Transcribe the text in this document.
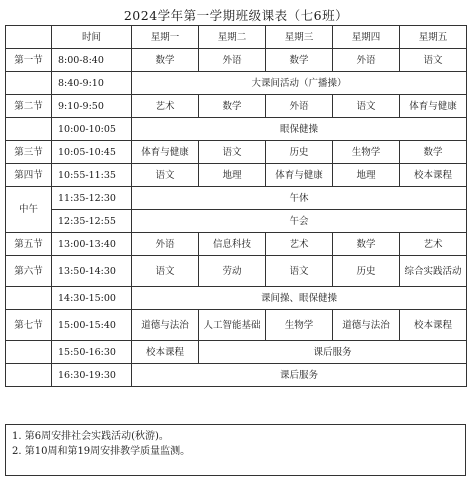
2024学年第一学期班级课表（七6班）
	时间	星期一	星期二	星期三	星期四	星期五
第一节	8:00-8:40	数学	外语	数学	外语	语文
	8:40-9:10	大课间活动（广播操）				
第二节	9:10-9:50	艺术	数学	外语	语文	体育与健康
	10:00-10:05	眼保健操				
第三节	10:05-10:45	体育与健康	语文	历史	生物学	数学
第四节	10:55-11:35	语文	地理	体育与健康	地理	校本课程
中午	11:35-12:30	午休				
	12:35-12:55	午会				
第五节	13:00-13:40	外语	信息科技	艺术	数学	艺术
第六节	13:50-14:30	语文	劳动	语文	历史	综合实践活动
	14:30-15:00	课间操、眼保健操				
第七节	15:00-15:40	道德与法治	人工智能基础	生物学	道德与法治	校本课程
	15:50-16:30	校本课程	课后服务			
	16:30-19:30	课后服务				
1. 第6周安排社会实践活动(秋游)。
2. 第10周和第19周安排教学质量监测。
